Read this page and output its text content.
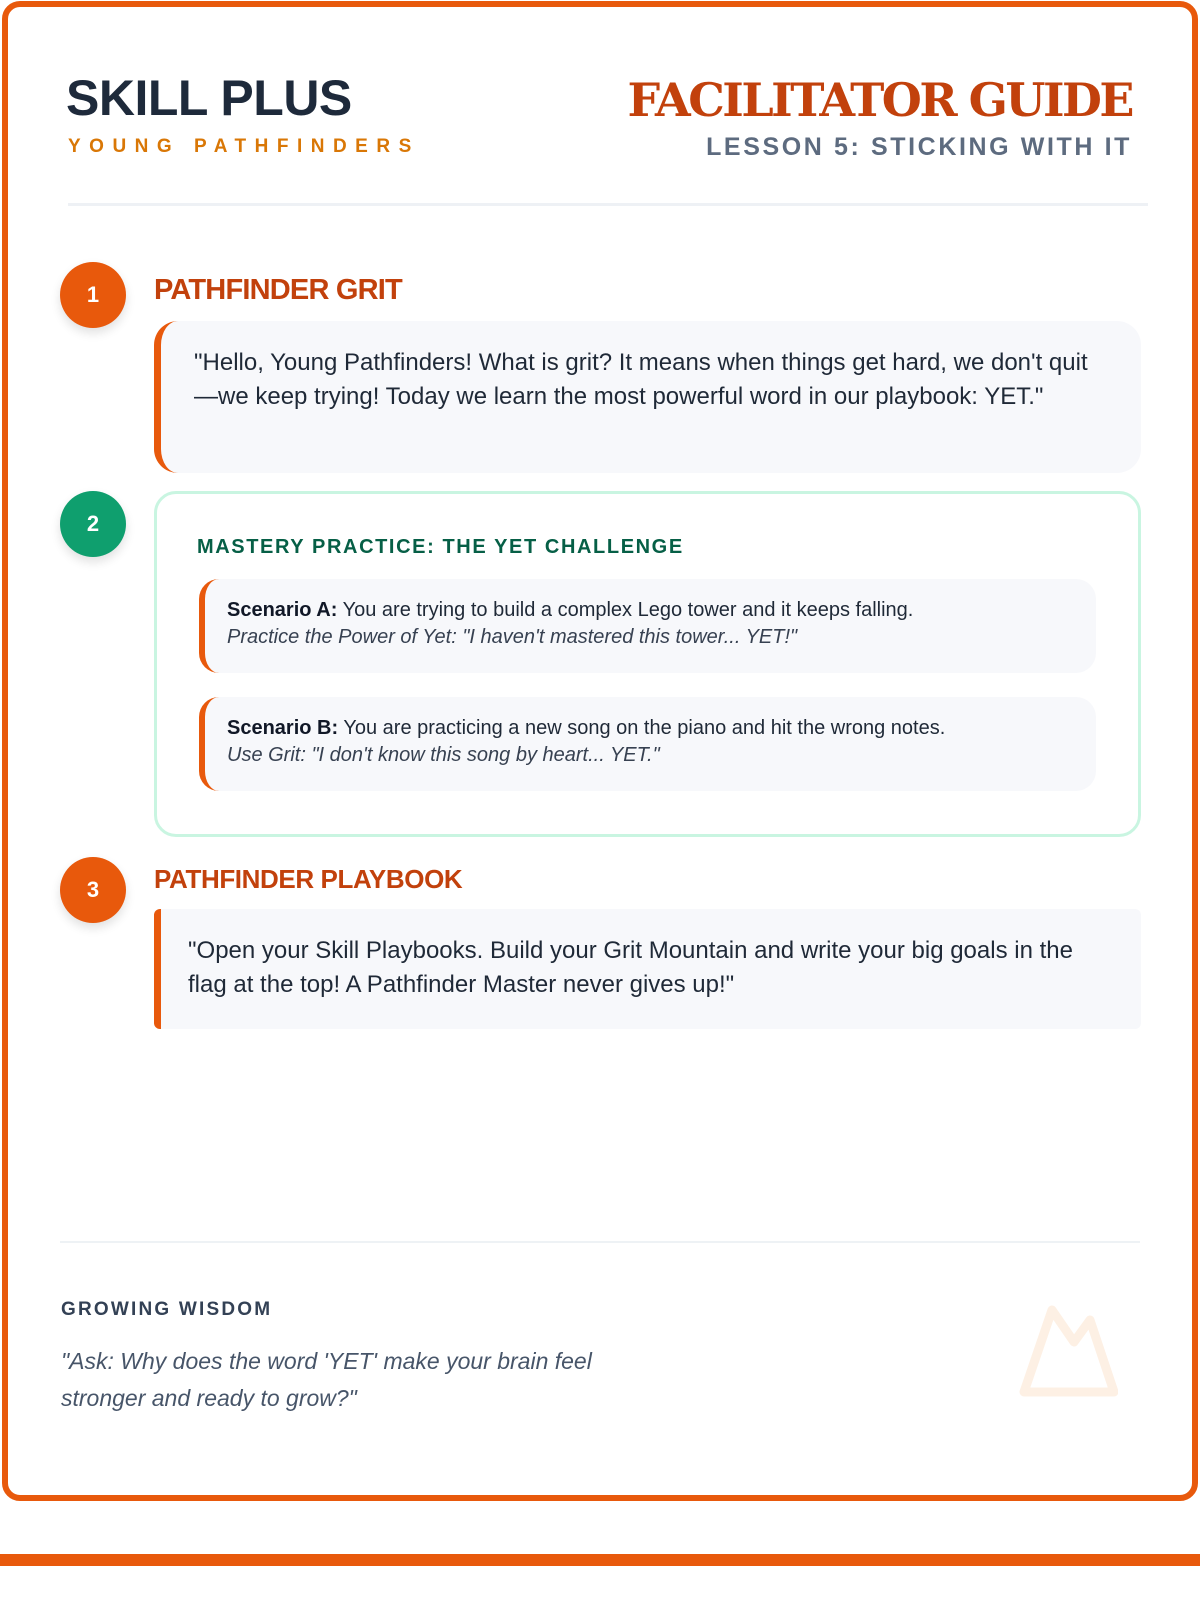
SKILL PLUS
YOUNG PATHFINDERS
FACILITATOR GUIDE
LESSON 5: STICKING WITH IT
1	PATHFINDER GRIT
"Hello, Young Pathfinders! What is grit? It means when things get hard, we don't quit—we keep trying! Today we learn the most powerful word in our playbook: YET."
2
MASTERY PRACTICE: THE YET CHALLENGE
Scenario A: You are trying to build a complex Lego tower and it keeps falling.
Practice the Power of Yet: "I haven't mastered this tower... YET!"
Scenario B: You are practicing a new song on the piano and hit the wrong notes.
Use Grit: "I don't know this song by heart... YET."
3	PATHFINDER PLAYBOOK
"Open your Skill Playbooks. Build your Grit Mountain and write your big goals in the flag at the top! A Pathfinder Master never gives up!"
GROWING WISDOM
"Ask: Why does the word 'YET' make your brain feel stronger and ready to grow?"
